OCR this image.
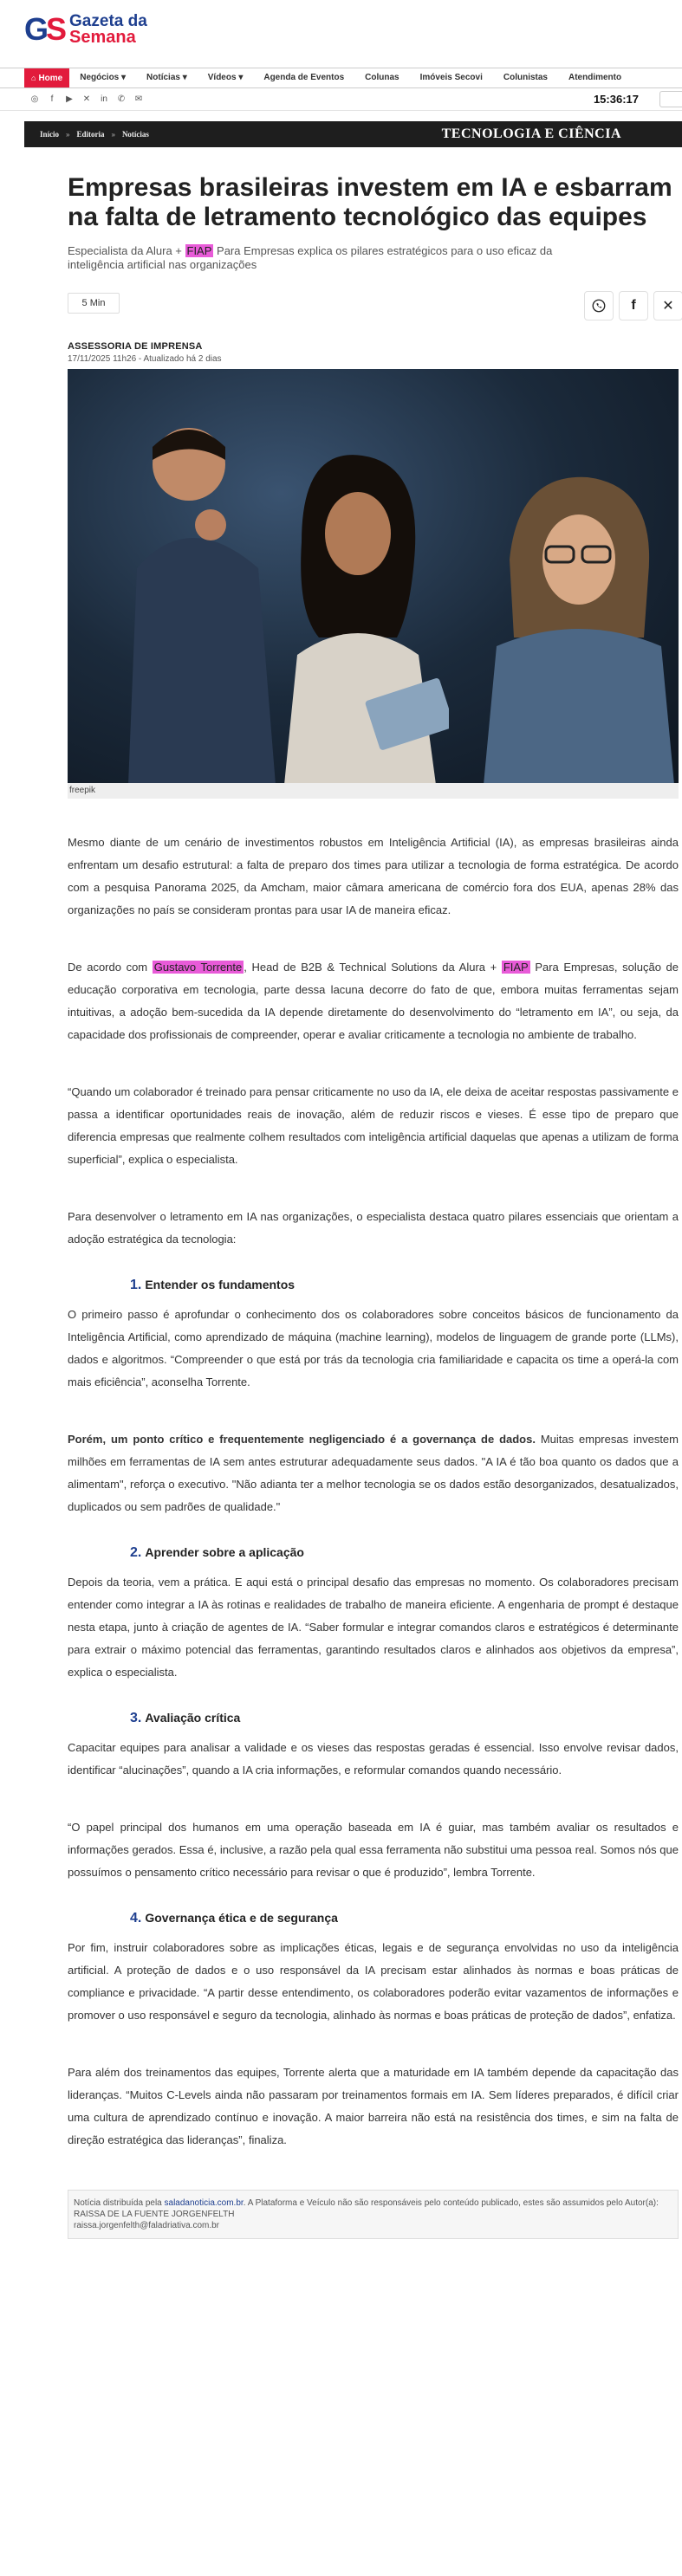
GS Gazeta da
Semana
⌂ Home	Negócios ▾	Notícias ▾	Vídeos ▾	Agenda de Eventos	Colunas	Imóveis Secovi	Colunistas	Atendimento
◎	f	▶	✕	in	✆	✉	15:36:17
Início » Editoria » Notícias	TECNOLOGIA E CIÊNCIA
Empresas brasileiras investem em IA e esbarram na falta de letramento tecnológico das equipes

Especialista da Alura + FIAP Para Empresas explica os pilares estratégicos para o uso eficaz da inteligência artificial nas organizações

5 Min	f ✕
ASSESSORIA DE IMPRENSA
17/11/2025 11h26 - Atualizado há 2 dias
freepik

Mesmo diante de um cenário de investimentos robustos em Inteligência Artificial (IA), as empresas brasileiras ainda enfrentam um desafio estrutural: a falta de preparo dos times para utilizar a tecnologia de forma estratégica. De acordo com a pesquisa Panorama 2025, da Amcham, maior câmara americana de comércio fora dos EUA, apenas 28% das organizações no país se consideram prontas para usar IA de maneira eficaz.

De acordo com Gustavo Torrente , Head de B2B & Technical Solutions da Alura + FIAP Para Empresas, solução de educação corporativa em tecnologia, parte dessa lacuna decorre do fato de que, embora muitas ferramentas sejam intuitivas, a adoção bem-sucedida da IA depende diretamente do desenvolvimento do “letramento em IA”, ou seja, da capacidade dos profissionais de compreender, operar e avaliar criticamente a tecnologia no ambiente de trabalho.

“Quando um colaborador é treinado para pensar criticamente no uso da IA, ele deixa de aceitar respostas passivamente e passa a identificar oportunidades reais de inovação, além de reduzir riscos e vieses. É esse tipo de preparo que diferencia empresas que realmente colhem resultados com inteligência artificial daquelas que apenas a utilizam de forma superficial”, explica o especialista.

Para desenvolver o letramento em IA nas organizações, o especialista destaca quatro pilares essenciais que orientam a adoção estratégica da tecnologia:

1. Entender os fundamentos

O primeiro passo é aprofundar o conhecimento dos os colaboradores sobre conceitos básicos de funcionamento da Inteligência Artificial, como aprendizado de máquina (machine learning), modelos de linguagem de grande porte (LLMs), dados e algoritmos. “Compreender o que está por trás da tecnologia cria familiaridade e capacita os time a operá-la com mais eficiência”, aconselha Torrente.

Porém, um ponto crítico e frequentemente negligenciado é a governança de dados. Muitas empresas investem milhões em ferramentas de IA sem antes estruturar adequadamente seus dados. "A IA é tão boa quanto os dados que a alimentam", reforça o executivo. "Não adianta ter a melhor tecnologia se os dados estão desorganizados, desatualizados, duplicados ou sem padrões de qualidade."

2. Aprender sobre a aplicação

Depois da teoria, vem a prática. E aqui está o principal desafio das empresas no momento. Os colaboradores precisam entender como integrar a IA às rotinas e realidades de trabalho de maneira eficiente. A engenharia de prompt é destaque nesta etapa, junto à criação de agentes de IA. “Saber formular e integrar comandos claros e estratégicos é determinante para extrair o máximo potencial das ferramentas, garantindo resultados claros e alinhados aos objetivos da empresa”, explica o especialista.

3. Avaliação crítica

Capacitar equipes para analisar a validade e os vieses das respostas geradas é essencial. Isso envolve revisar dados, identificar “alucinações”, quando a IA cria informações, e reformular comandos quando necessário.

“O papel principal dos humanos em uma operação baseada em IA é guiar, mas também avaliar os resultados e informações gerados. Essa é, inclusive, a razão pela qual essa ferramenta não substitui uma pessoa real. Somos nós que possuímos o pensamento crítico necessário para revisar o que é produzido”, lembra Torrente.

4. Governança ética e de segurança

Por fim, instruir colaboradores sobre as implicações éticas, legais e de segurança envolvidas no uso da inteligência artificial. A proteção de dados e o uso responsável da IA precisam estar alinhados às normas e boas práticas de compliance e privacidade. “A partir desse entendimento, os colaboradores poderão evitar vazamentos de informações e promover o uso responsável e seguro da tecnologia, alinhado às normas e boas práticas de proteção de dados”, enfatiza.

Para além dos treinamentos das equipes, Torrente alerta que a maturidade em IA também depende da capacitação das lideranças. “Muitos C-Levels ainda não passaram por treinamentos formais em IA. Sem líderes preparados, é difícil criar uma cultura de aprendizado contínuo e inovação. A maior barreira não está na resistência dos times, e sim na falta de direção estratégica das lideranças”, finaliza.

Notícia distribuída pela saladanoticia.com.br. A Plataforma e Veículo não são responsáveis pelo conteúdo publicado, estes são assumidos pelo Autor(a):
RAISSA DE LA FUENTE JORGENFELTH
raissa.jorgenfelth@faladriativa.com.br
